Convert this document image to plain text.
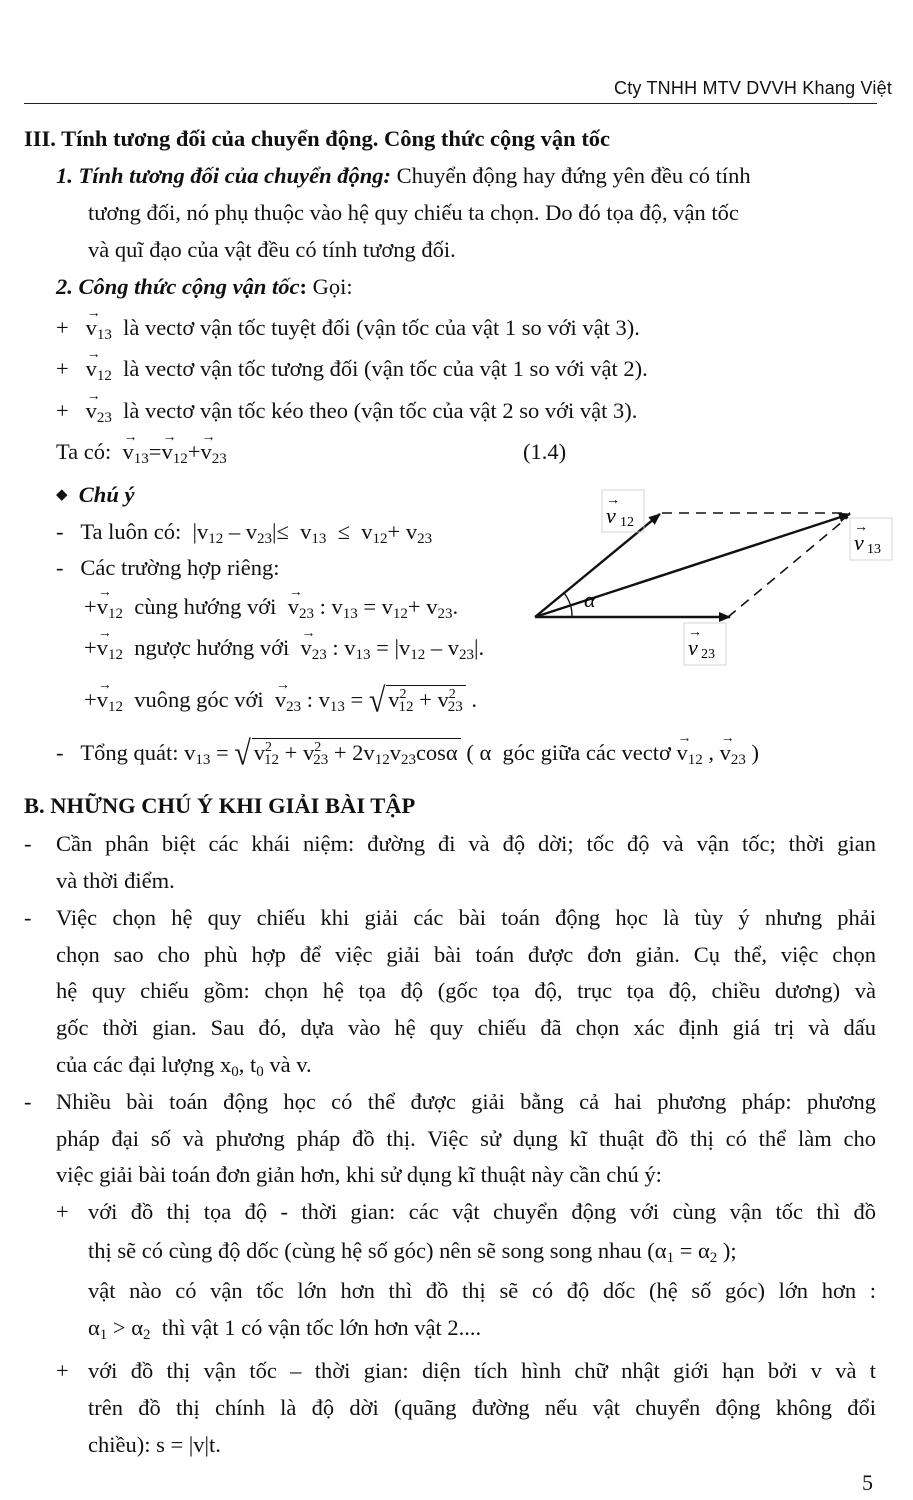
Cty TNHH MTV DVVH Khang Việt
III. Tính tương đối của chuyển động. Công thức cộng vận tốc
1. Tính tương đối của chuyển động: Chuyển động hay đứng yên đều có tính
tương đối, nó phụ thuộc vào hệ quy chiếu ta chọn. Do đó tọa độ, vận tốc
và quĩ đạo của vật đều có tính tương đối.
2. Công thức cộng vận tốc: Gọi:
+   → $v_{13}$ là vectơ vận tốc tuyệt đối (vận tốc của vật 1 so với vật 3).
+   → $v_{12}$ là vectơ vận tốc tương đối (vận tốc của vật 1 so với vật 2).
+   → $v_{23}$ là vectơ vận tốc kéo theo (vận tốc của vật 2 so với vật 3).
Ta có: → $v_{13}=\to v_{12}+\to v_{23}$	(1.4)
◆ Chú ý
-   Ta luôn có:  $|v_{12} - v_{23}|\le v_{13} \le v_{12}+ v_{23}$
-   Các trường hợp riêng:
+→ $v_{12}$ cùng hướng với → $v_{23}$ : $v_{13} = v_{12}+ v_{23}$.
+→ $v_{12}$ ngược hướng với → $v_{23}$ : $v_{13} = |v_{12} - v_{23}|$.
+→ $v_{12}$ vuông góc với → $v_{23}$ : $v_{13}$ = √ $v^2_{12} + v^2_{23}$ .
-   Tổng quát: $v_{13}$ = √ $v^2_{12} + v^2_{23} + 2v_{12}v_{23}\cos\alpha$ ( α  góc giữa các vectơ → $v_{12}$ , → $v_{23}$ )
α
v
→
12
v
→
13
v
→
23
B. NHỮNG CHÚ Ý KHI GIẢI BÀI TẬP
- Cần phân biệt các khái niệm: đường đi và độ dời; tốc độ và vận tốc; thời gian
và thời điểm.
- Việc chọn hệ quy chiếu khi giải các bài toán động học là tùy ý nhưng phải
chọn sao cho phù hợp để việc giải bài toán được đơn giản. Cụ thể, việc chọn
hệ quy chiếu gồm: chọn hệ tọa độ (gốc tọa độ, trục tọa độ, chiều dương) và
gốc thời gian. Sau đó, dựa vào hệ quy chiếu đã chọn xác định giá trị và dấu
của các đại lượng $x_0$, $t_0$ và v.
- Nhiều bài toán động học có thể được giải bằng cả hai phương pháp: phương
pháp đại số và phương pháp đồ thị. Việc sử dụng kĩ thuật đồ thị có thể làm cho
việc giải bài toán đơn giản hơn, khi sử dụng kĩ thuật này cần chú ý:
+ với đồ thị tọa độ - thời gian: các vật chuyển động với cùng vận tốc thì đồ
thị sẽ có cùng độ dốc (cùng hệ số góc) nên sẽ song song nhau ($\alpha_1 = \alpha_2$ );
vật nào có vận tốc lớn hơn thì đồ thị sẽ có độ dốc (hệ số góc) lớn hơn :
$\alpha_1 > \alpha_2$ thì vật 1 có vận tốc lớn hơn vật 2....
+ với đồ thị vận tốc – thời gian: diện tích hình chữ nhật giới hạn bởi v và t
trên đồ thị chính là độ dời (quãng đường nếu vật chuyển động không đổi
chiều): s = |v|t.
5
